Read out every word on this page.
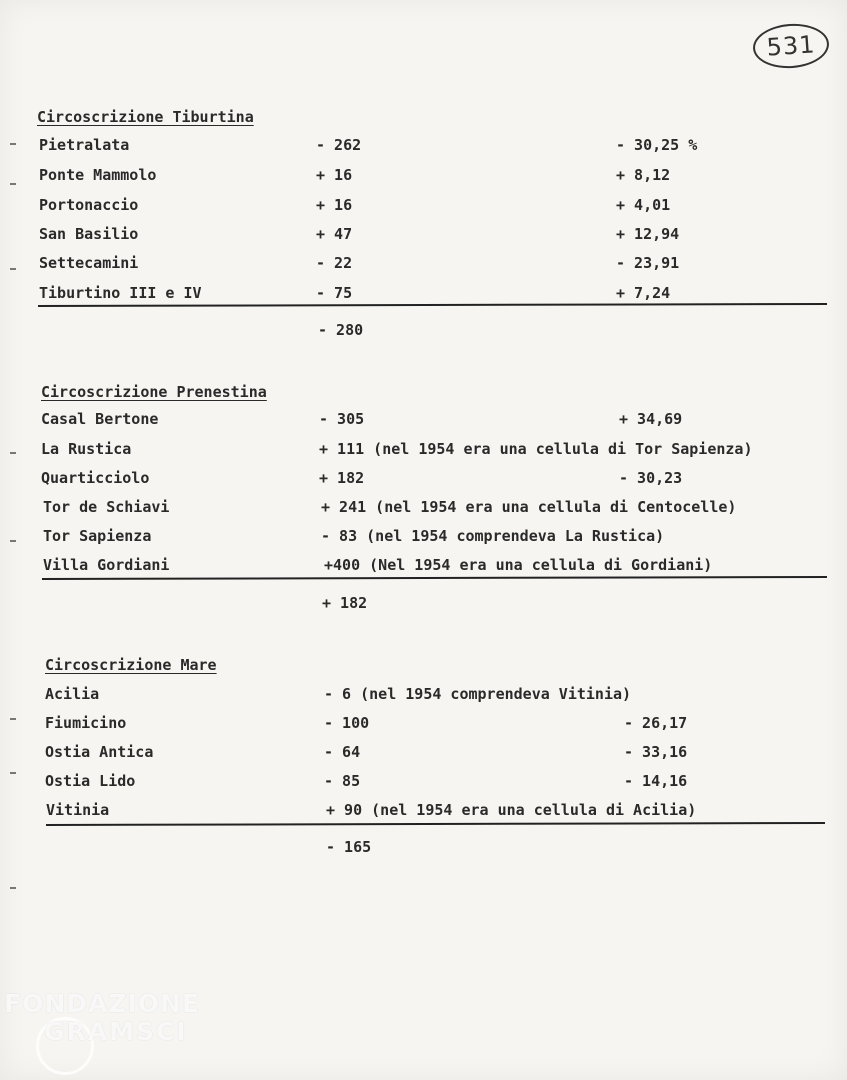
531
Circoscrizione Tiburtina
Pietralata	- 262	- 30,25 %
Ponte Mammolo	+ 16	+ 8,12
Portonaccio	+ 16	+ 4,01
San Basilio	+ 47	+ 12,94
Settecamini	- 22	- 23,91
Tiburtino III e IV	- 75	+ 7,24
- 280
Circoscrizione Prenestina
Casal Bertone	- 305	+ 34,69
La Rustica	+ 111 (nel 1954 era una cellula di Tor Sapienza)
Quarticciolo	+ 182	- 30,23
Tor de Schiavi	+ 241 (nel 1954 era una cellula di Centocelle)
Tor Sapienza	- 83 (nel 1954 comprendeva La Rustica)
Villa Gordiani	+400 (Nel 1954 era una cellula di Gordiani)
+ 182
Circoscrizione Mare
Acilia	- 6 (nel 1954 comprendeva Vitinia)
Fiumicino	- 100	- 26,17
Ostia Antica	- 64	- 33,16
Ostia Lido	- 85	- 14,16
Vitinia	+ 90 (nel 1954 era una cellula di Acilia)
- 165
FONDAZIONE
GRAMSCI
